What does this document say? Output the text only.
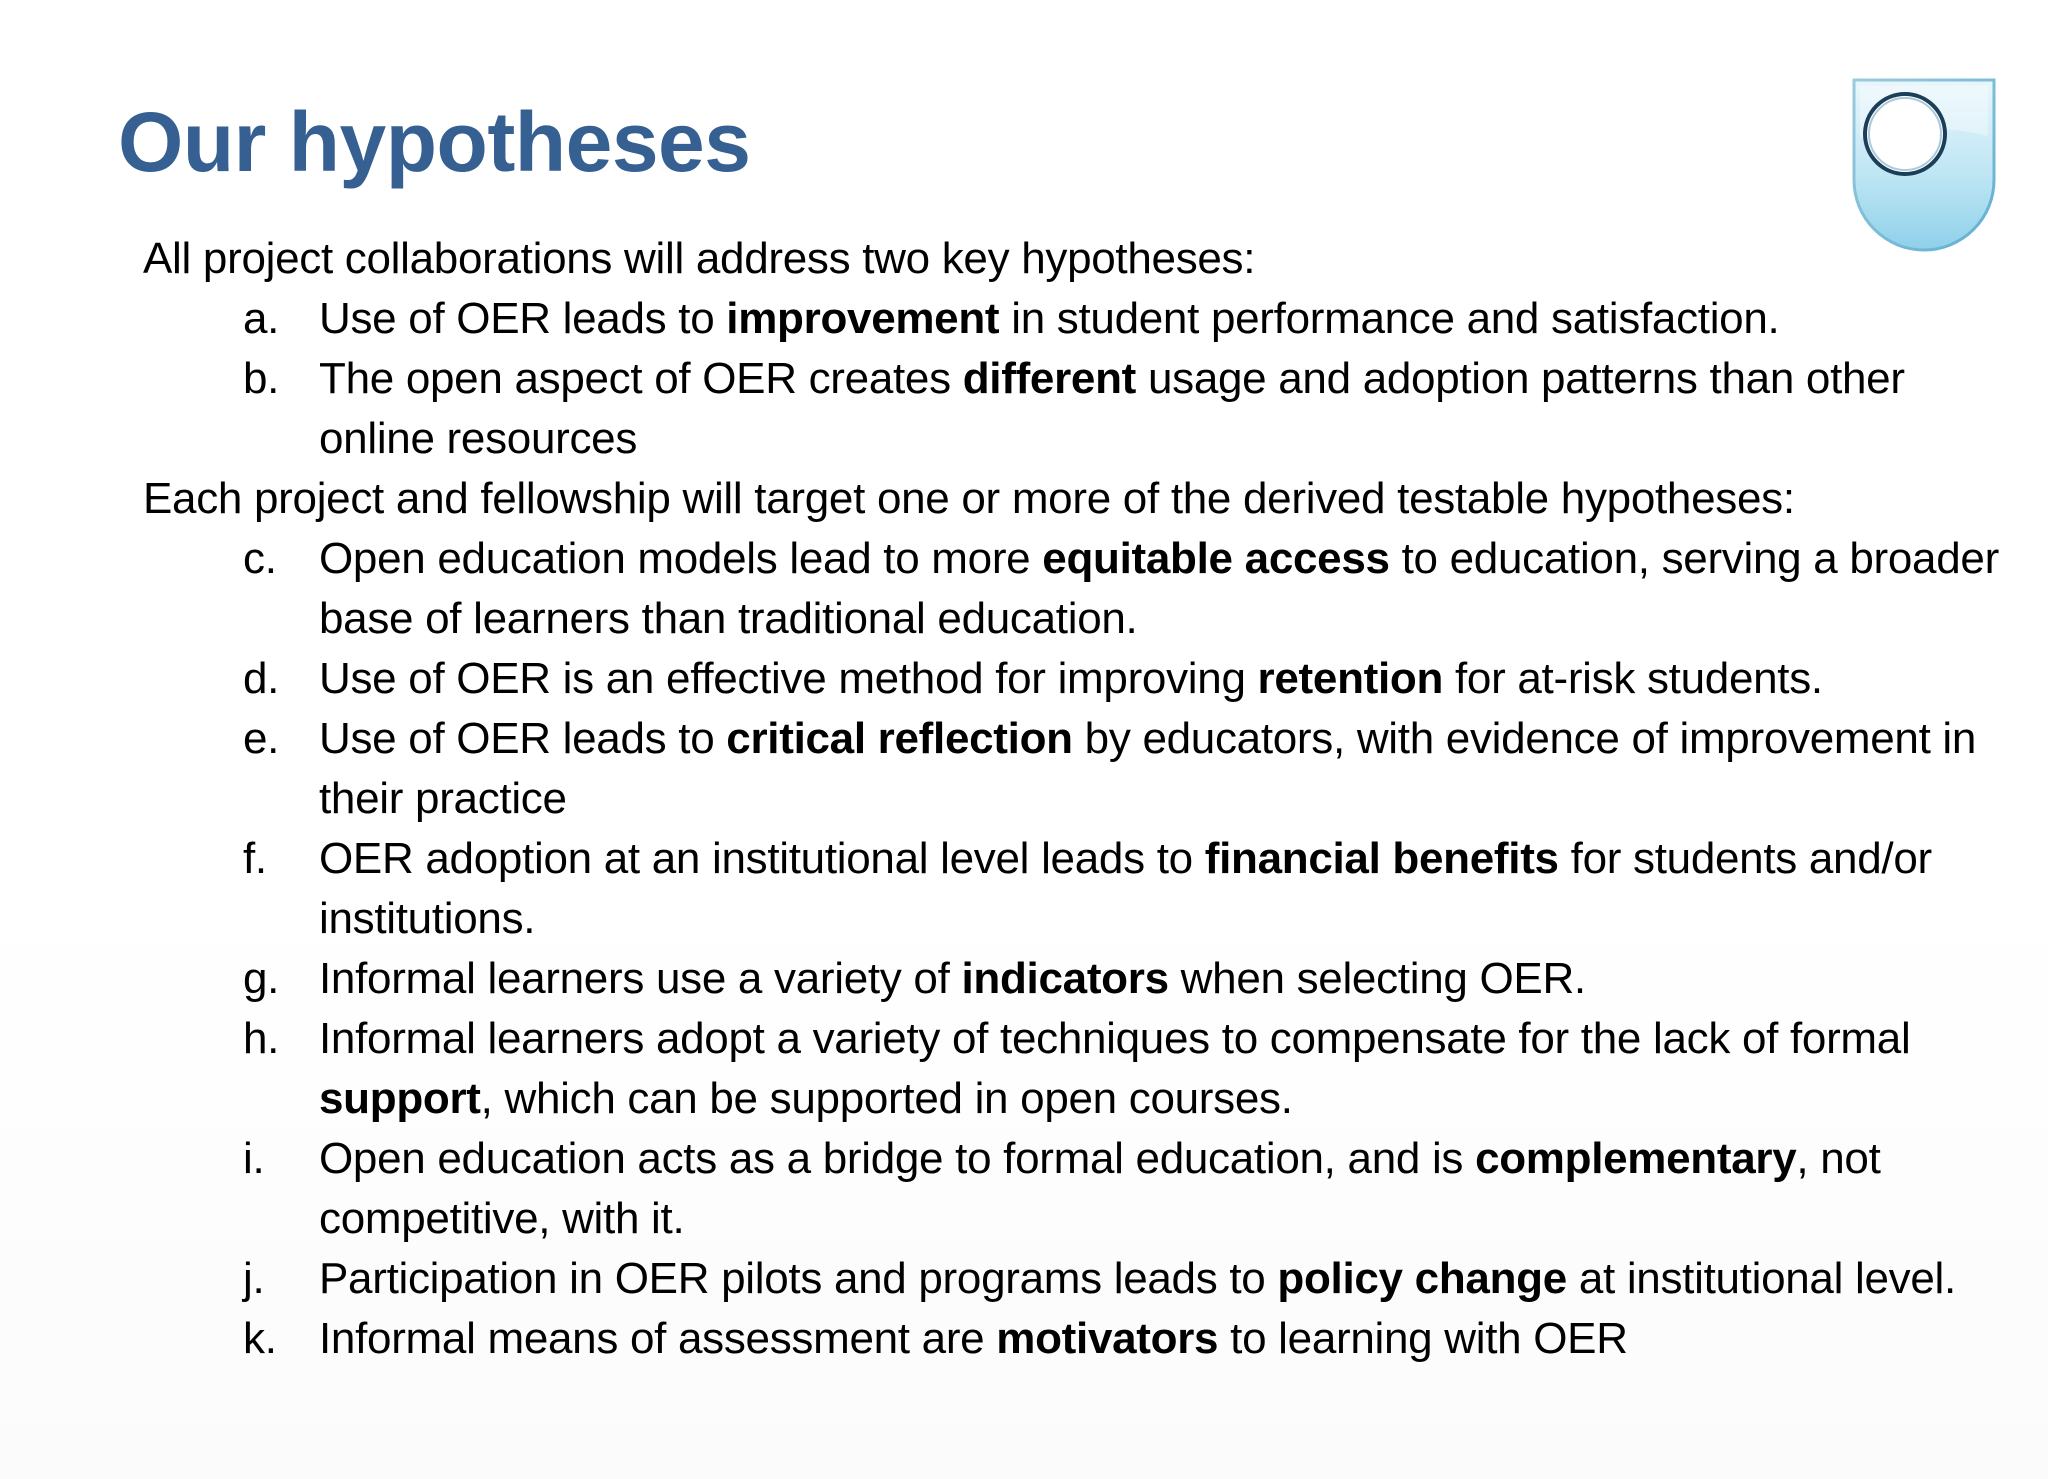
Our hypotheses

All project collaborations will address two key hypotheses:

a. Use of OER leads to improvement in student performance and satisfaction.
b. The open aspect of OER creates different usage and adoption patterns than other online resources

Each project and fellowship will target one or more of the derived testable hypotheses:

c. Open education models lead to more equitable access to education, serving a broader base of learners than traditional education.
d. Use of OER is an effective method for improving retention for at-risk students.
e. Use of OER leads to critical reflection by educators, with evidence of improvement in their practice
f. OER adoption at an institutional level leads to financial benefits for students and/or institutions.
g. Informal learners use a variety of indicators when selecting OER.
h. Informal learners adopt a variety of techniques to compensate for the lack of formal support, which can be supported in open courses.
i. Open education acts as a bridge to formal education, and is complementary, not competitive, with it.
j. Participation in OER pilots and programs leads to policy change at institutional level.
k. Informal means of assessment are motivators to learning with OER
